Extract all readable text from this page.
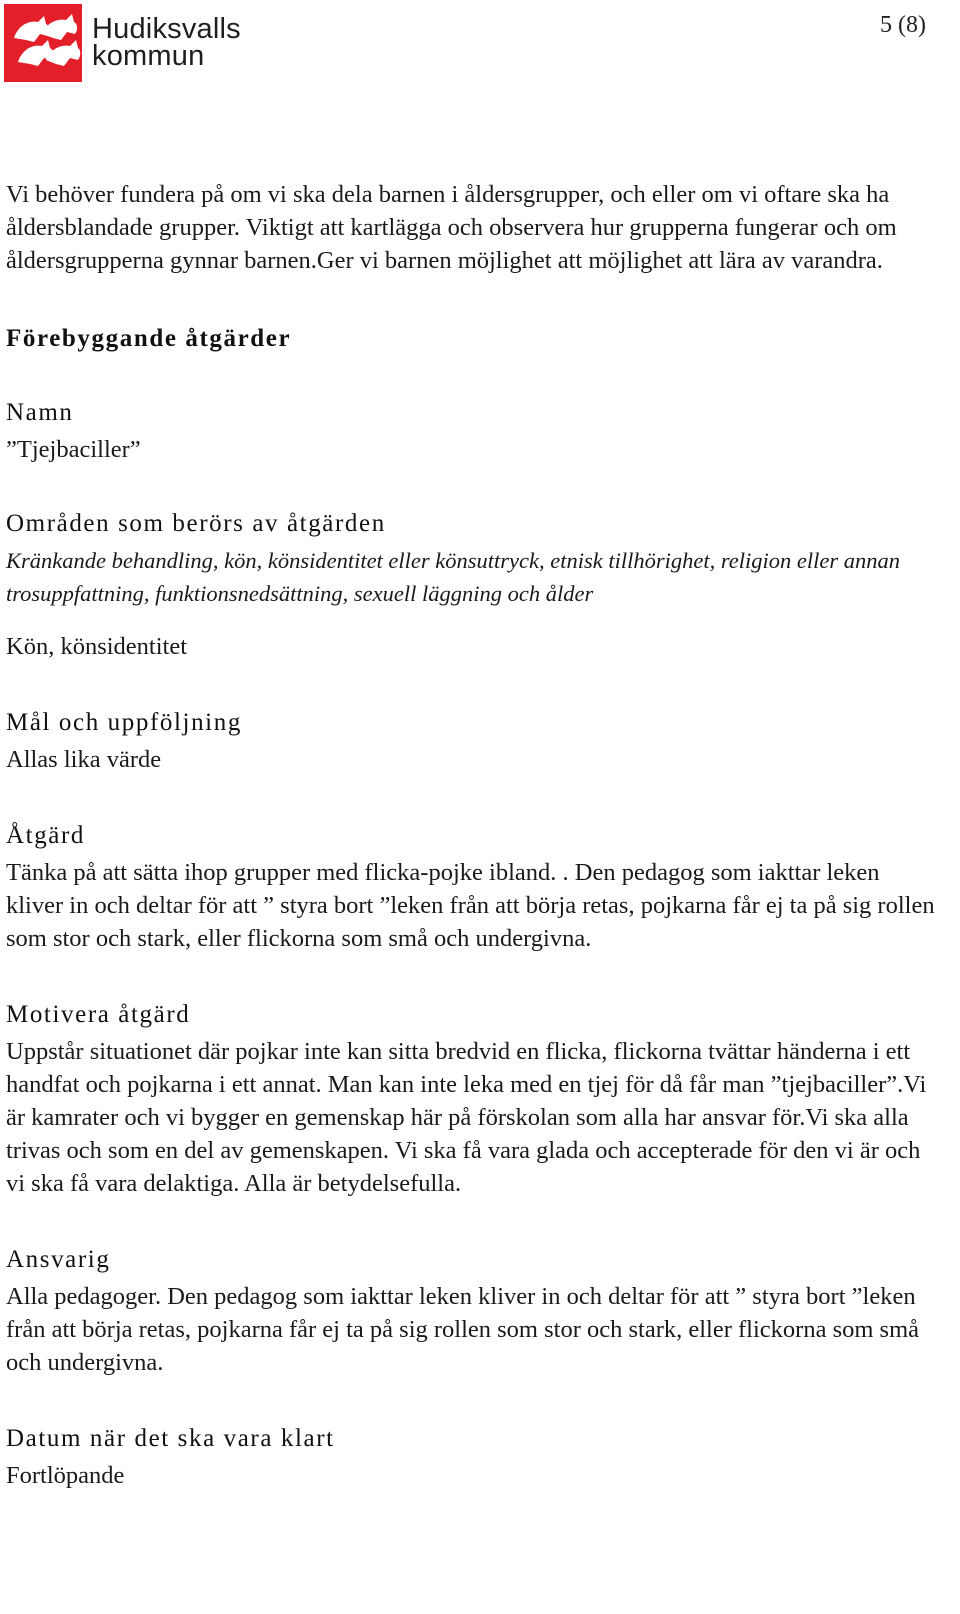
Hudiksvalls
kommun
5 (8)

Vi behöver fundera på om vi ska dela barnen i åldersgrupper, och eller om vi oftare ska ha åldersblandade grupper. Viktigt att kartlägga och observera hur grupperna fungerar och om åldersgrupperna gynnar barnen.Ger vi barnen möjlighet att möjlighet att lära av varandra.

Förebyggande åtgärder
Namn

”Tjejbaciller”

Områden som berörs av åtgärden

Kränkande behandling, kön, könsidentitet eller könsuttryck, etnisk tillhörighet, religion eller annan trosuppfattning, funktionsnedsättning, sexuell läggning och ålder

Kön, könsidentitet

Mål och uppföljning

Allas lika värde

Åtgärd

Tänka på att sätta ihop grupper med flicka-pojke ibland. . Den pedagog som iakttar leken kliver in och deltar för att ” styra bort ”leken från att börja retas, pojkarna får ej ta på sig rollen som stor och stark, eller flickorna som små och undergivna.

Motivera åtgärd

Uppstår situationet där pojkar inte kan sitta bredvid en flicka, flickorna tvättar händerna i ett handfat och pojkarna i ett annat. Man kan inte leka med en tjej för då får man ”tjejbaciller”.Vi är kamrater och vi bygger en gemenskap här på förskolan som alla har ansvar för.Vi ska alla trivas och som en del av gemenskapen. Vi ska få vara glada och accepterade för den vi är och vi ska få vara delaktiga. Alla är betydelsefulla.

Ansvarig

Alla pedagoger. Den pedagog som iakttar leken kliver in och deltar för att ” styra bort ”leken från att börja retas, pojkarna får ej ta på sig rollen som stor och stark, eller flickorna som små och undergivna.

Datum när det ska vara klart

Fortlöpande
